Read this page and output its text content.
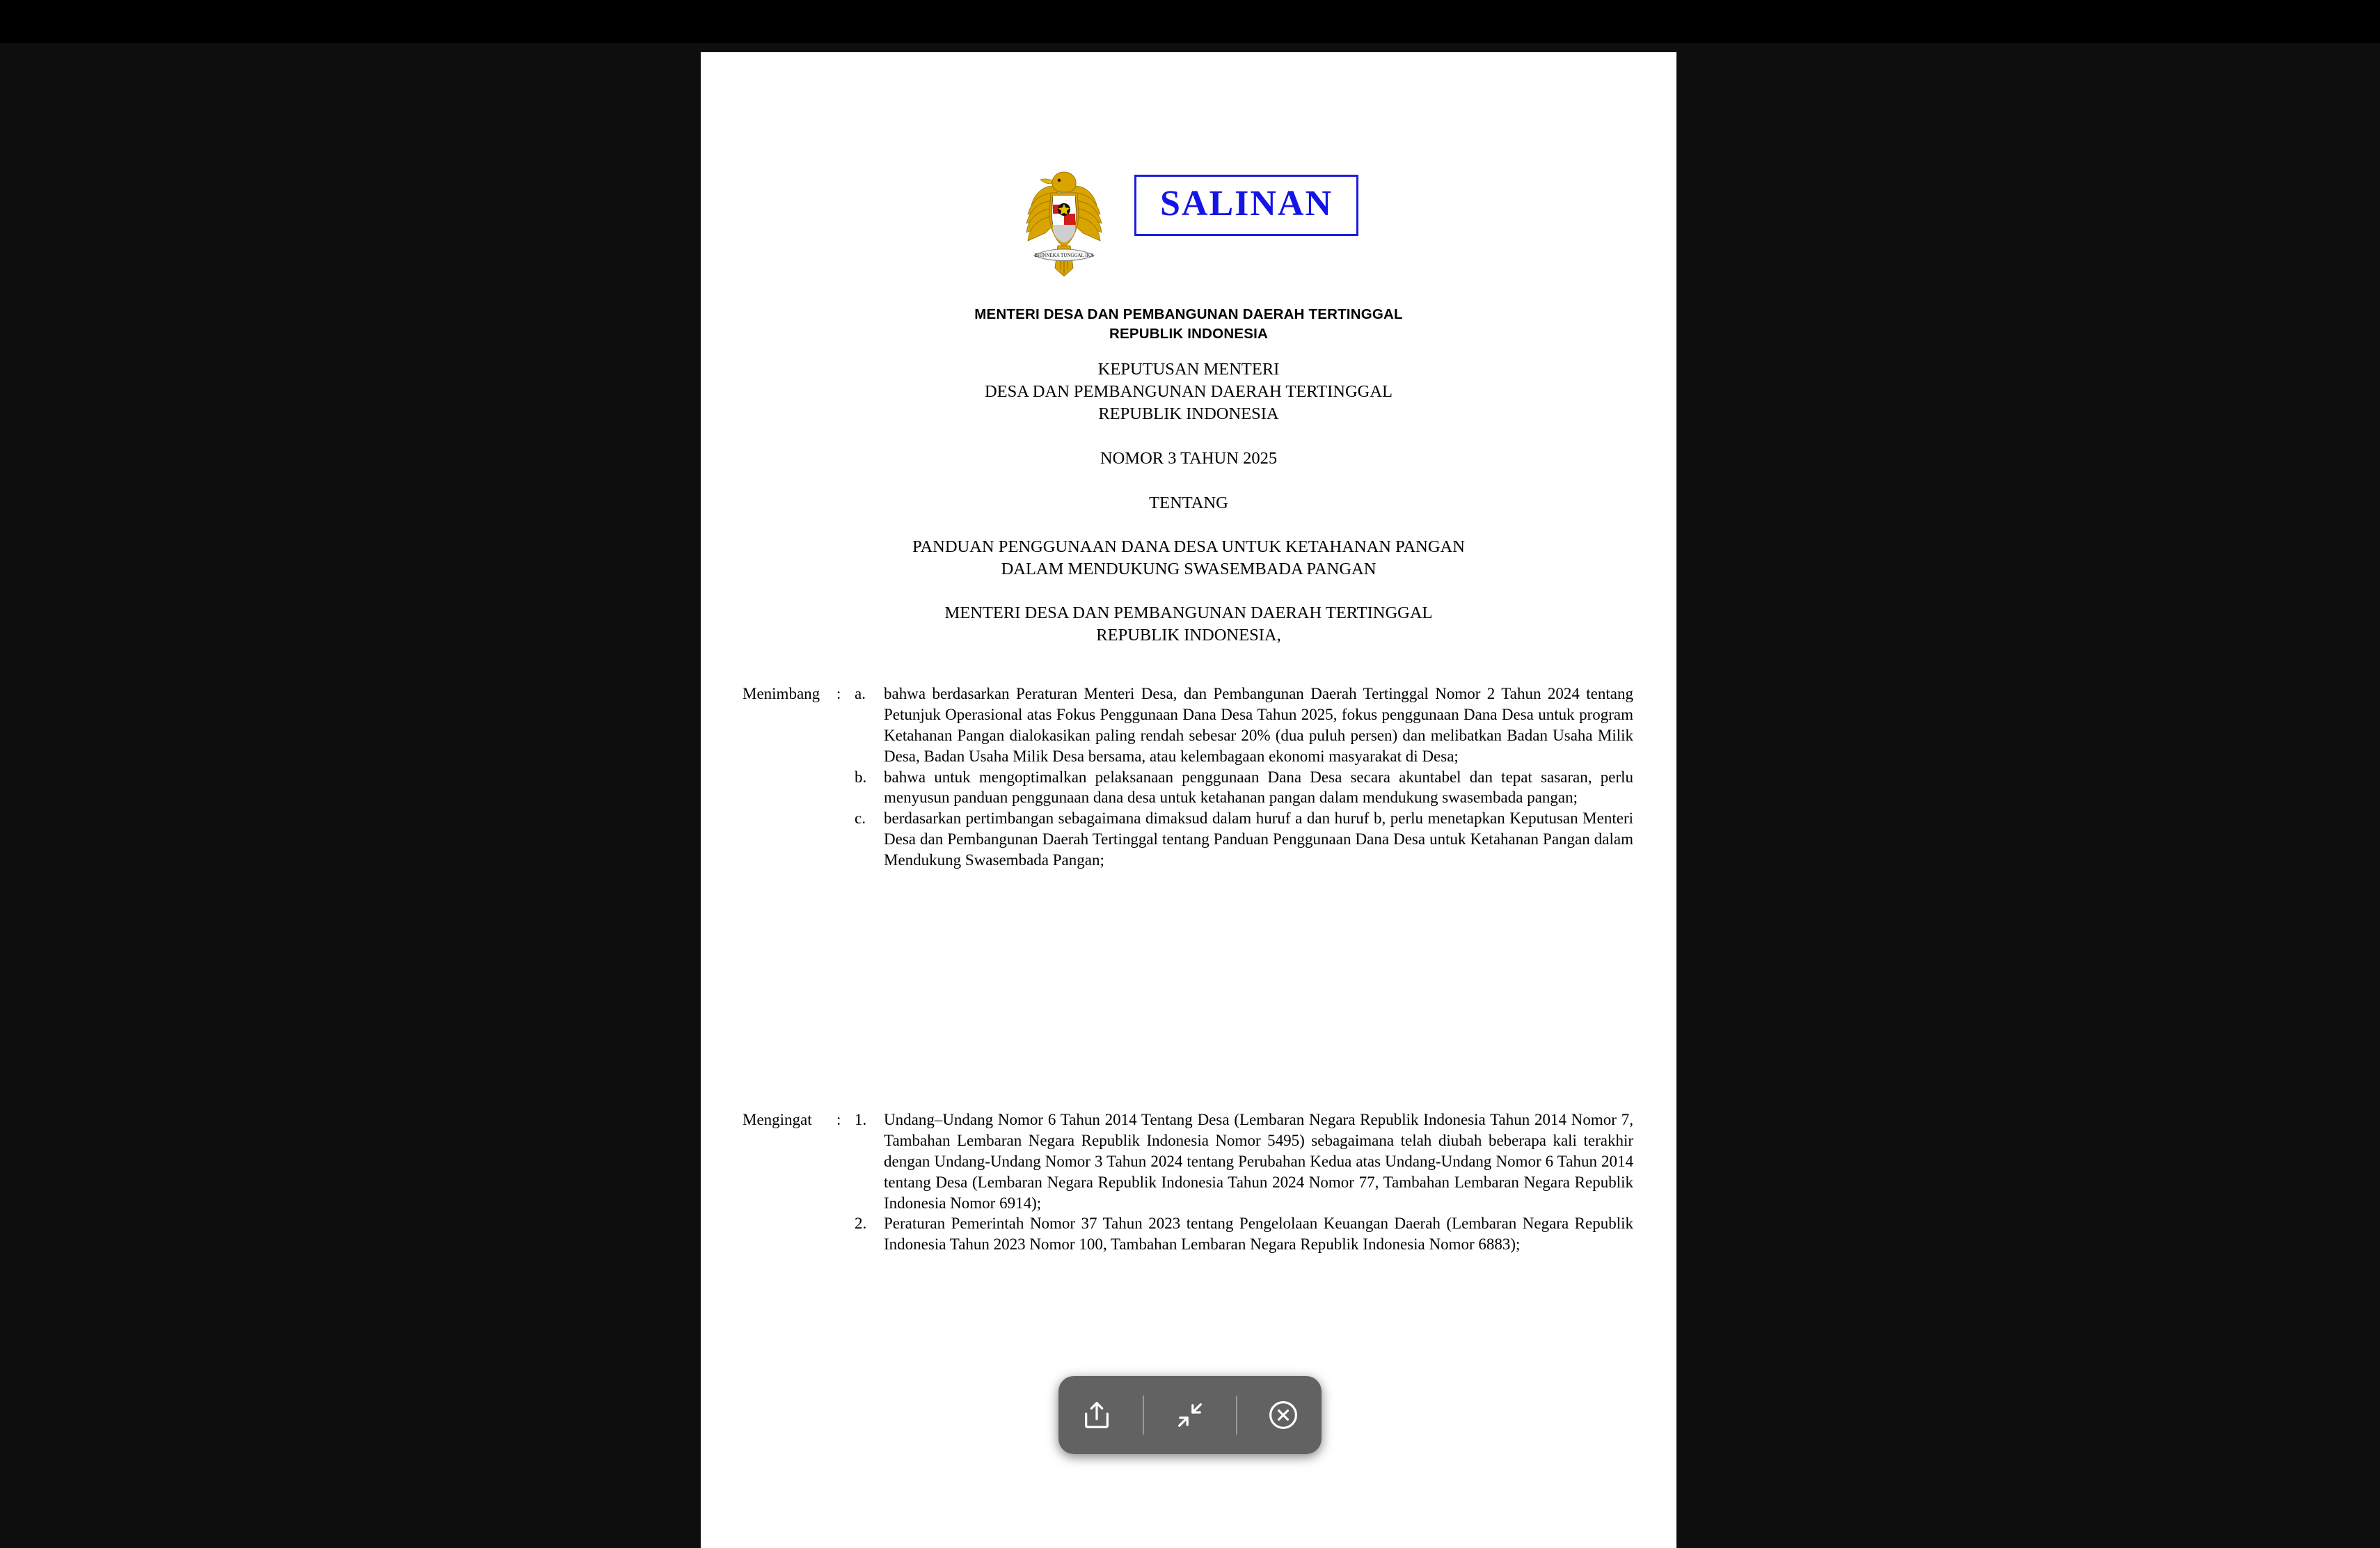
BHINNEKA TUNGGAL IKA
SALINAN
MENTERI DESA DAN PEMBANGUNAN DAERAH TERTINGGAL
REPUBLIK INDONESIA
KEPUTUSAN MENTERI
DESA DAN PEMBANGUNAN DAERAH TERTINGGAL
REPUBLIK INDONESIA
NOMOR 3 TAHUN 2025
TENTANG
PANDUAN PENGGUNAAN DANA DESA UNTUK KETAHANAN PANGAN
DALAM MENDUKUNG SWASEMBADA PANGAN
MENTERI DESA DAN PEMBANGUNAN DAERAH TERTINGGAL
REPUBLIK INDONESIA,
Menimbang	: a.	bahwa berdasarkan Peraturan Menteri Desa, dan Pembangunan Daerah Tertinggal Nomor 2 Tahun 2024 tentang Petunjuk Operasional atas Fokus Penggunaan Dana Desa Tahun 2025, fokus penggunaan Dana Desa untuk program Ketahanan Pangan dialokasikan paling rendah sebesar 20% (dua puluh persen) dan melibatkan Badan Usaha Milik Desa, Badan Usaha Milik Desa bersama, atau kelembagaan ekonomi masyarakat di Desa;
b.	bahwa untuk mengoptimalkan pelaksanaan penggunaan Dana Desa secara akuntabel dan tepat sasaran, perlu menyusun panduan penggunaan dana desa untuk ketahanan pangan dalam mendukung swasembada pangan;
c.	berdasarkan pertimbangan sebagaimana dimaksud dalam huruf a dan huruf b, perlu menetapkan Keputusan Menteri Desa dan Pembangunan Daerah Tertinggal tentang Panduan Penggunaan Dana Desa untuk Ketahanan Pangan dalam Mendukung Swasembada Pangan;
Mengingat	: 1.	Undang–Undang Nomor 6 Tahun 2014 Tentang Desa (Lembaran Negara Republik Indonesia Tahun 2014 Nomor 7, Tambahan Lembaran Negara Republik Indonesia Nomor 5495) sebagaimana telah diubah beberapa kali terakhir dengan Undang-Undang Nomor 3 Tahun 2024 tentang Perubahan Kedua atas Undang-Undang Nomor 6 Tahun 2014 tentang Desa (Lembaran Negara Republik Indonesia Tahun 2024 Nomor 77, Tambahan Lembaran Negara Republik Indonesia Nomor 6914);
2.	Peraturan Pemerintah Nomor 37 Tahun 2023 tentang Pengelolaan Keuangan Daerah (Lembaran Negara Republik Indonesia Tahun 2023 Nomor 100, Tambahan Lembaran Negara Republik Indonesia Nomor 6883);
